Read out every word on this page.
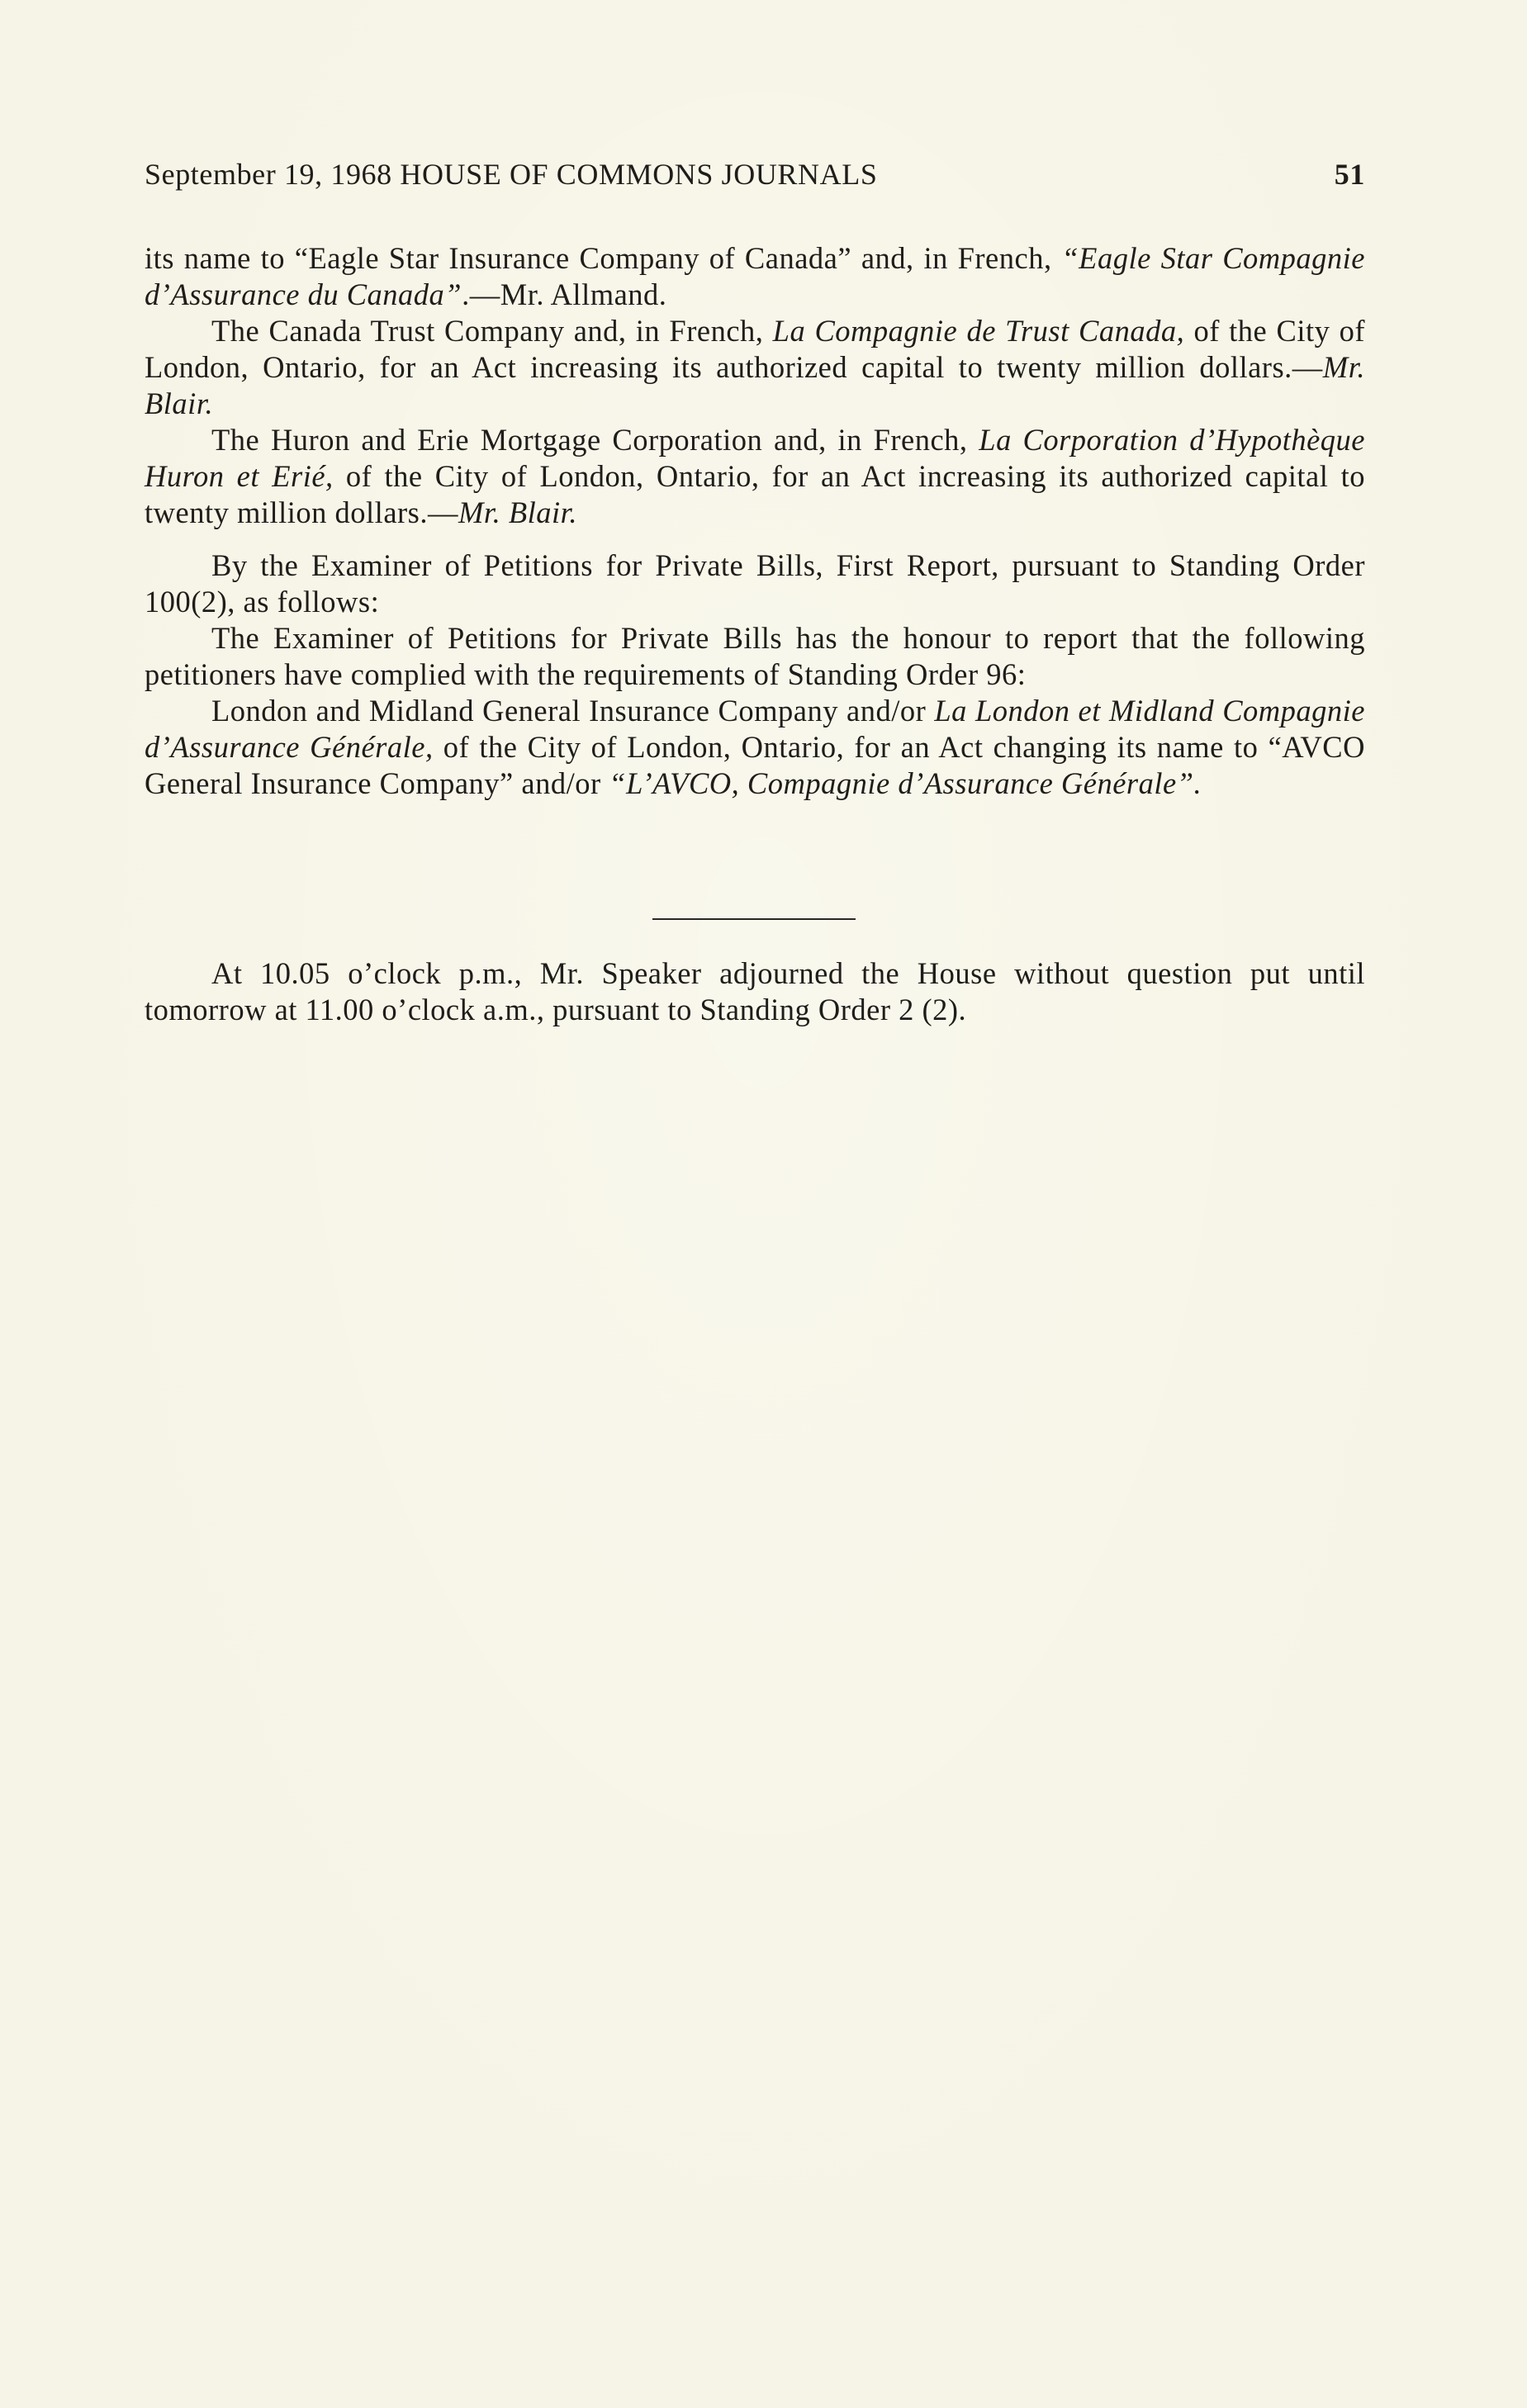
September 19, 1968 HOUSE OF COMMONS JOURNALS	51

its name to “Eagle Star Insurance Company of Canada” and, in French, “Eagle Star Compagnie d’Assurance du Canada”.—Mr. Allmand.

The Canada Trust Company and, in French, La Compagnie de Trust Canada, of the City of London, Ontario, for an Act increasing its authorized capital to twenty million dollars.—Mr. Blair.

The Huron and Erie Mortgage Corporation and, in French, La Corporation d’Hypothèque Huron et Erié, of the City of London, Ontario, for an Act increasing its authorized capital to twenty million dollars.—Mr. Blair.

By the Examiner of Petitions for Private Bills, First Report, pursuant to Standing Order 100(2), as follows:

The Examiner of Petitions for Private Bills has the honour to report that the following petitioners have complied with the requirements of Standing Order 96:

London and Midland General Insurance Company and/or La London et Midland Compagnie d’Assurance Générale, of the City of London, Ontario, for an Act changing its name to “AVCO General Insurance Company” and/or “L’AVCO, Compagnie d’Assurance Générale”.

At 10.05 o’clock p.m., Mr. Speaker adjourned the House without question put until tomorrow at 11.00 o’clock a.m., pursuant to Standing Order 2 (2).
